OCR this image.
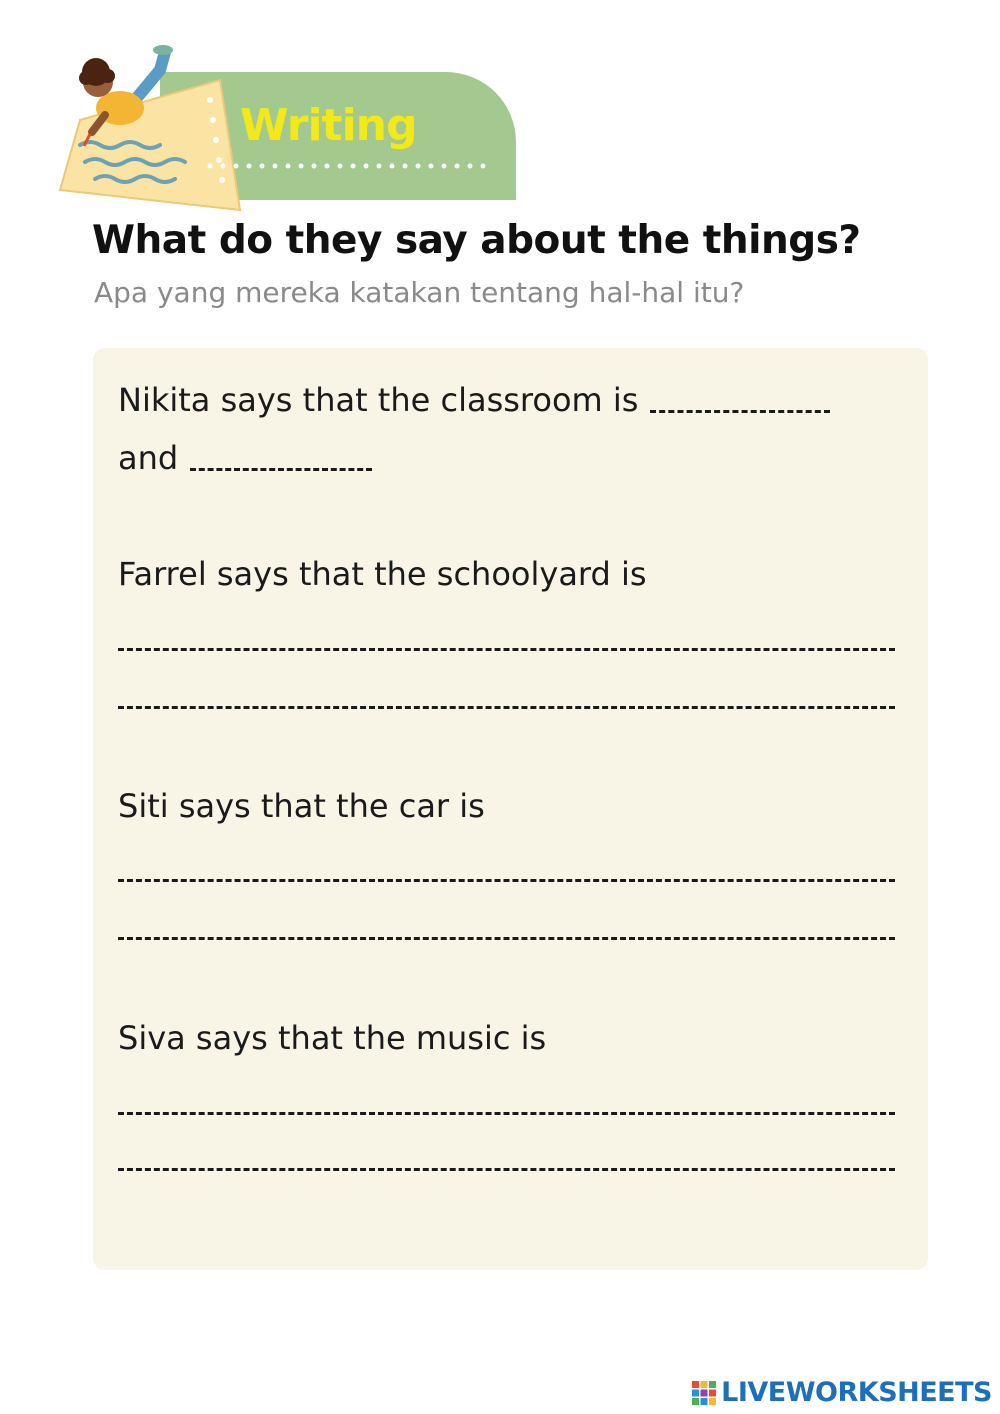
Writing
What do they say about the things?
Apa yang mereka katakan tentang hal-hal itu?
Nikita says that the classroom is
and
Farrel says that the schoolyard is
Siti says that the car is
Siva says that the music is
LIVEWORKSHEETS
